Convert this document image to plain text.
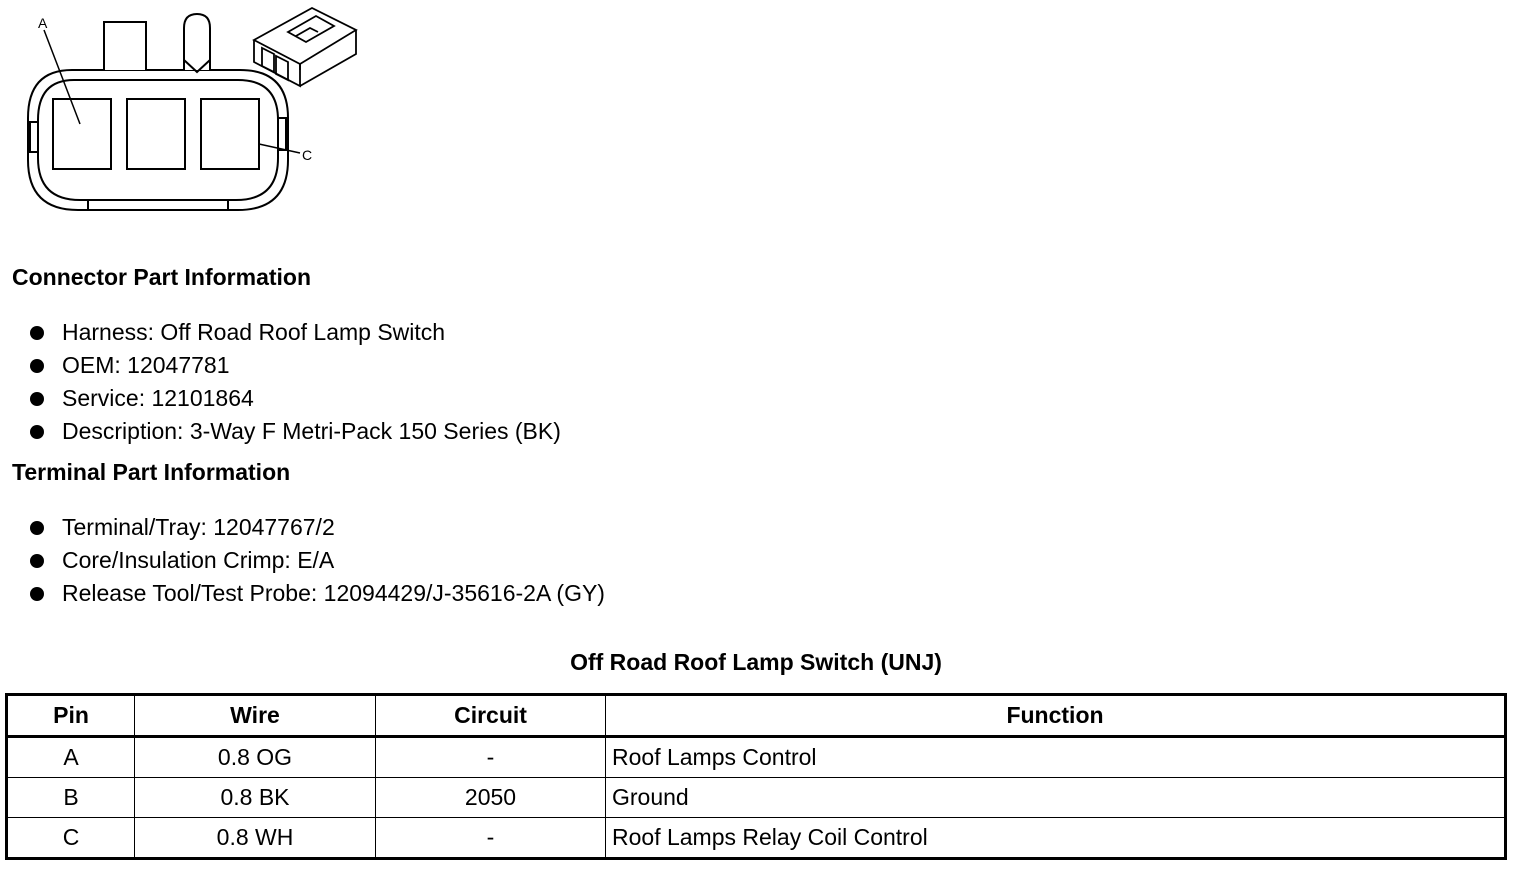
A
C
Connector Part Information
Harness: Off Road Roof Lamp Switch
OEM: 12047781
Service: 12101864
Description: 3-Way F Metri-Pack 150 Series (BK)
Terminal Part Information
Terminal/Tray: 12047767/2
Core/Insulation Crimp: E/A
Release Tool/Test Probe: 12094429/J-35616-2A (GY)
Off Road Roof Lamp Switch (UNJ)
Pin	Wire	Circuit	Function
A	0.8 OG	-	Roof Lamps Control
B	0.8 BK	2050	Ground
C	0.8 WH	-	Roof Lamps Relay Coil Control
